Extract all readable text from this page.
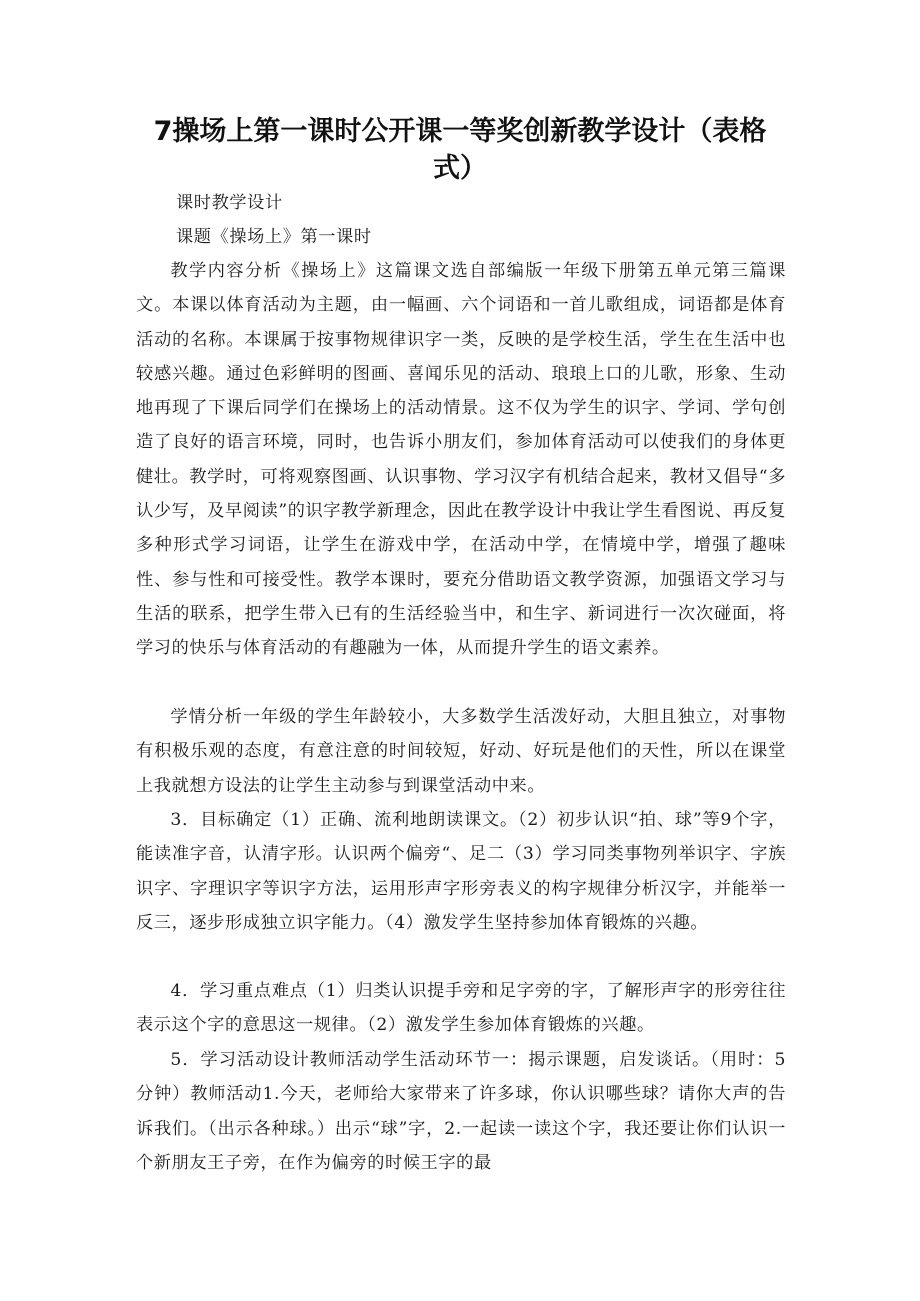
7操场上第一课时公开课一等奖创新教学设计（表格
式）

课时教学设计

课题《操场上》第一课时

教学内容分析《操场上》这篇课文选自部编版一年级下册第五单元第三篇课文。本课以体育活动为主题，由一幅画、六个词语和一首儿歌组成，词语都是体育活动的名称。本课属于按事物规律识字一类，反映的是学校生活，学生在生活中也较感兴趣。通过色彩鲜明的图画、喜闻乐见的活动、琅琅上口的儿歌，形象、生动地再现了下课后同学们在操场上的活动情景。这不仅为学生的识字、学词、学句创造了良好的语言环境，同时，也告诉小朋友们，参加体育活动可以使我们的身体更健壮。教学时，可将观察图画、认识事物、学习汉字有机结合起来，教材又倡导“多认少写，及早阅读”的识字教学新理念，因此在教学设计中我让学生看图说、再反复多种形式学习词语，让学生在游戏中学，在活动中学，在情境中学，增强了趣味性、参与性和可接受性。教学本课时，要充分借助语文教学资源，加强语文学习与生活的联系，把学生带入已有的生活经验当中，和生字、新词进行一次次碰面，将学习的快乐与体育活动的有趣融为一体，从而提升学生的语文素养。

学情分析一年级的学生年龄较小，大多数学生活泼好动，大胆且独立，对事物有积极乐观的态度，有意注意的时间较短，好动、好玩是他们的天性，所以在课堂上我就想方设法的让学生主动参与到课堂活动中来。

3．目标确定（1）正确、流利地朗读课文。（2）初步认识“拍、球”等9个字，能读准字音，认清字形。认识两个偏旁“、足二（3）学习同类事物列举识字、字族识字、字理识字等识字方法，运用形声字形旁表义的构字规律分析汉字，并能举一反三，逐步形成独立识字能力。（4）激发学生坚持参加体育锻炼的兴趣。

4．学习重点难点（1）归类认识提手旁和足字旁的字，了解形声字的形旁往往表示这个字的意思这一规律。（2）激发学生参加体育锻炼的兴趣。

5．学习活动设计教师活动学生活动环节一：揭示课题，启发谈话。（用时：5分钟）教师活动1.今天，老师给大家带来了许多球，你认识哪些球？请你大声的告诉我们。（出示各种球。）出示“球”字，2.一起读一读这个字，我还要让你们认识一个新朋友王子旁，在作为偏旁的时候王字的最
